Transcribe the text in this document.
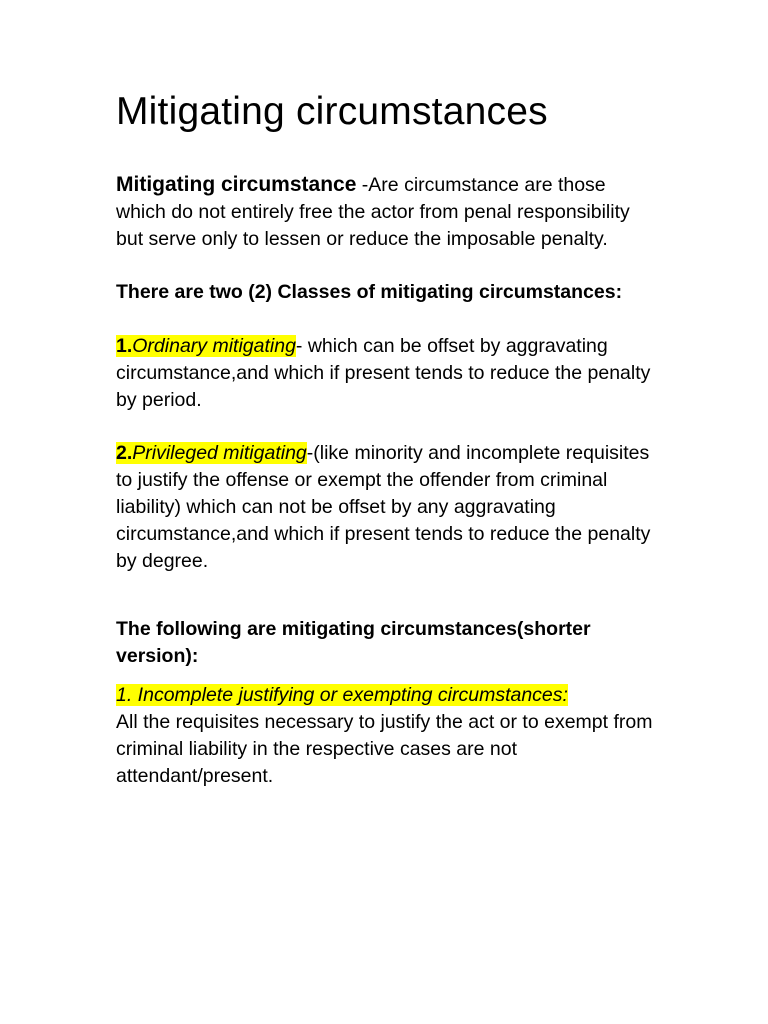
Mitigating circumstances

Mitigating circumstance -Are circumstance are those which do not entirely free the actor from penal responsibility but serve only to lessen or reduce the imposable penalty.

There are two (2) Classes of mitigating circumstances:

1.Ordinary mitigating- which can be offset by aggravating circumstance,and which if present tends to reduce the penalty by period.

2.Privileged mitigating-(like minority and incomplete requisites to justify the offense or exempt the offender from criminal liability) which can not be offset by any aggravating circumstance,and which if present tends to reduce the penalty by degree.

The following are mitigating circumstances(shorter version):

1. Incomplete justifying or exempting circumstances:
All the requisites necessary to justify the act or to exempt from criminal liability in the respective cases are not attendant/present.
